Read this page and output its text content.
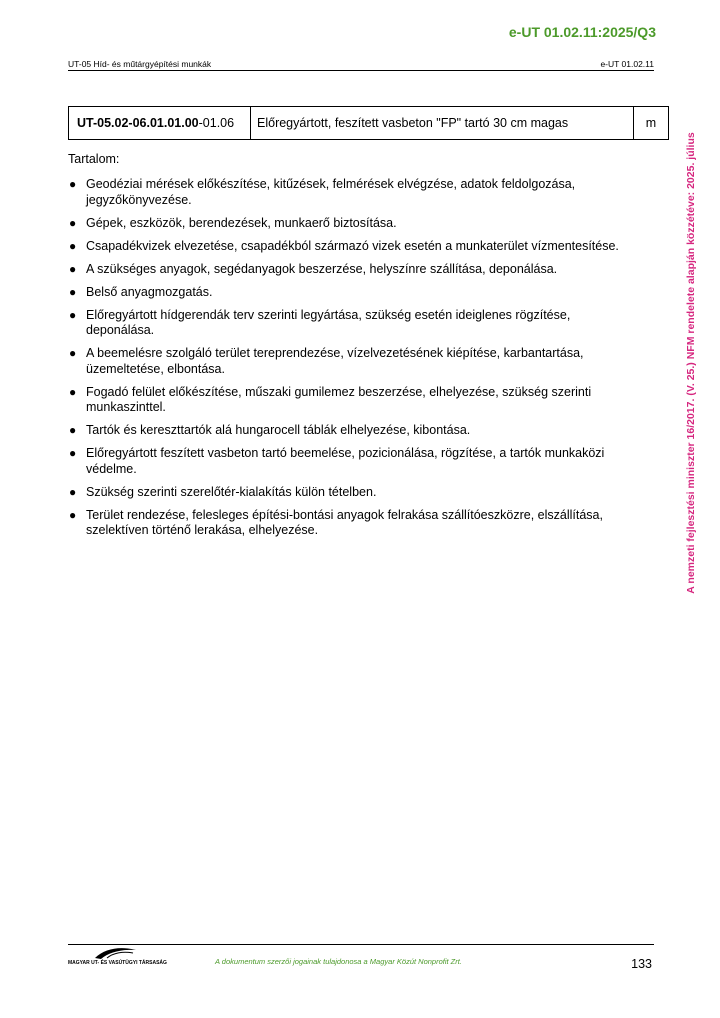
e-UT 01.02.11:2025/Q3
UT-05 Híd- és műtárgyépítési munkák	e-UT 01.02.11
UT-05.02-06.01.01.00 -01.06	Előregyártott, feszített vasbeton "FP" tartó 30 cm magas	m
Tartalom:
● Geodéziai mérések előkészítése, kitűzések, felmérések elvégzése, adatok feldolgozása, jegyzőkönyvezése.
● Gépek, eszközök, berendezések, munkaerő biztosítása.
● Csapadékvizek elvezetése, csapadékból származó vizek esetén a munkaterület vízmentesítése.
● A szükséges anyagok, segédanyagok beszerzése, helyszínre szállítása, deponálása.
● Belső anyagmozgatás.
● Előregyártott hídgerendák terv szerinti legyártása, szükség esetén ideiglenes rögzítése, deponálása.
● A beemelésre szolgáló terület tereprendezése, vízelvezetésének kiépítése, karbantartása, üzemeltetése, elbontása.
● Fogadó felület előkészítése, műszaki gumilemez beszerzése, elhelyezése, szükség szerinti munkaszinttel.
● Tartók és kereszttartók alá hungarocell táblák elhelyezése, kibontása.
● Előregyártott feszített vasbeton tartó beemelése, pozicionálása, rögzítése, a tartók munkaközi védelme.
● Szükség szerinti szerelőtér-kialakítás külön tételben.
● Terület rendezése, felesleges építési-bontási anyagok felrakása szállítóeszközre, elszállítása, szelektíven történő lerakása, elhelyezése.	A nemzeti fejlesztési miniszter 16/2017. (V. 25.) NFM rendelete alapján közzétéve: 2025. július
MAGYAR UT- ÉS VASÚTÜGYI TÁRSASÁG	A dokumentum szerzői jogainak tulajdonosa a Magyar Közút Nonprofit Zrt.	133
